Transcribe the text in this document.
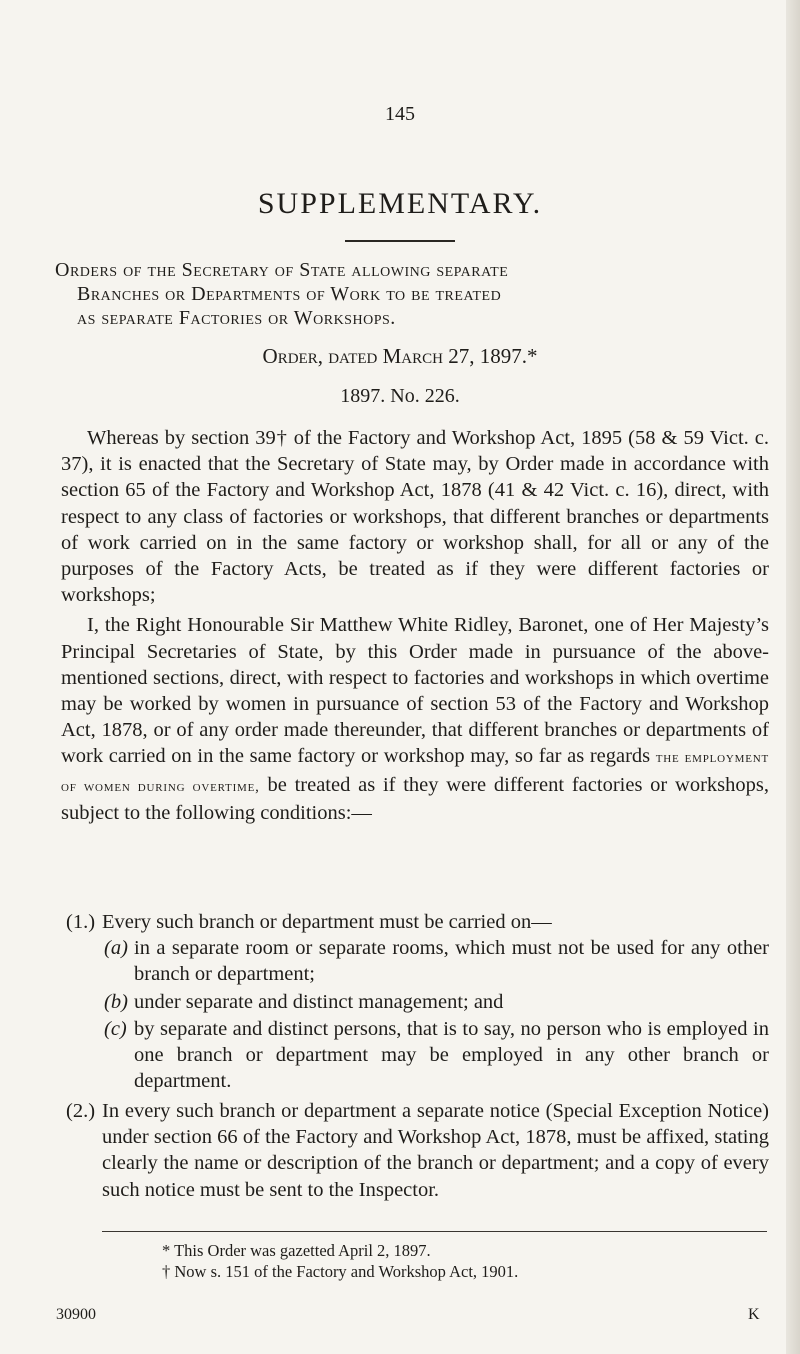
145
SUPPLEMENTARY.
Orders of the Secretary of State allowing separate
Branches or Departments of Work to be treated
as separate Factories or Workshops.
Order, dated March 27, 1897.*
1897. No. 226.

Whereas by section 39† of the Factory and Workshop Act, 1895 (58 & 59 Vict. c. 37), it is enacted that the Secretary of State may, by Order made in accordance with section 65 of the Factory and Workshop Act, 1878 (41 & 42 Vict. c. 16), direct, with respect to any class of factories or workshops, that different branches or departments of work carried on in the same factory or workshop shall, for all or any of the purposes of the Factory Acts, be treated as if they were different factories or workshops;

I, the Right Honourable Sir Matthew White Ridley, Baronet, one of Her Majesty’s Principal Secretaries of State, by this Order made in pursuance of the above-mentioned sections, direct, with respect to factories and workshops in which overtime may be worked by women in pursuance of section 53 of the Factory and Workshop Act, 1878, or of any order made thereunder, that different branches or departments of work carried on in the same factory or workshop may, so far as regards the employment of women during overtime, be treated as if they were different factories or workshops, subject to the following conditions:—

(1.) Every such branch or department must be carried on—
(a) in a separate room or separate rooms, which must not be used for any other branch or department;
(b) under separate and distinct management; and
(c) by separate and distinct persons, that is to say, no person who is employed in one branch or department may be employed in any other branch or department.
(2.) In every such branch or department a separate notice (Special Exception Notice) under section 66 of the Factory and Workshop Act, 1878, must be affixed, stating clearly the name or description of the branch or department; and a copy of every such notice must be sent to the Inspector.
* This Order was gazetted April 2, 1897.
† Now s. 151 of the Factory and Workshop Act, 1901.
30900	K
